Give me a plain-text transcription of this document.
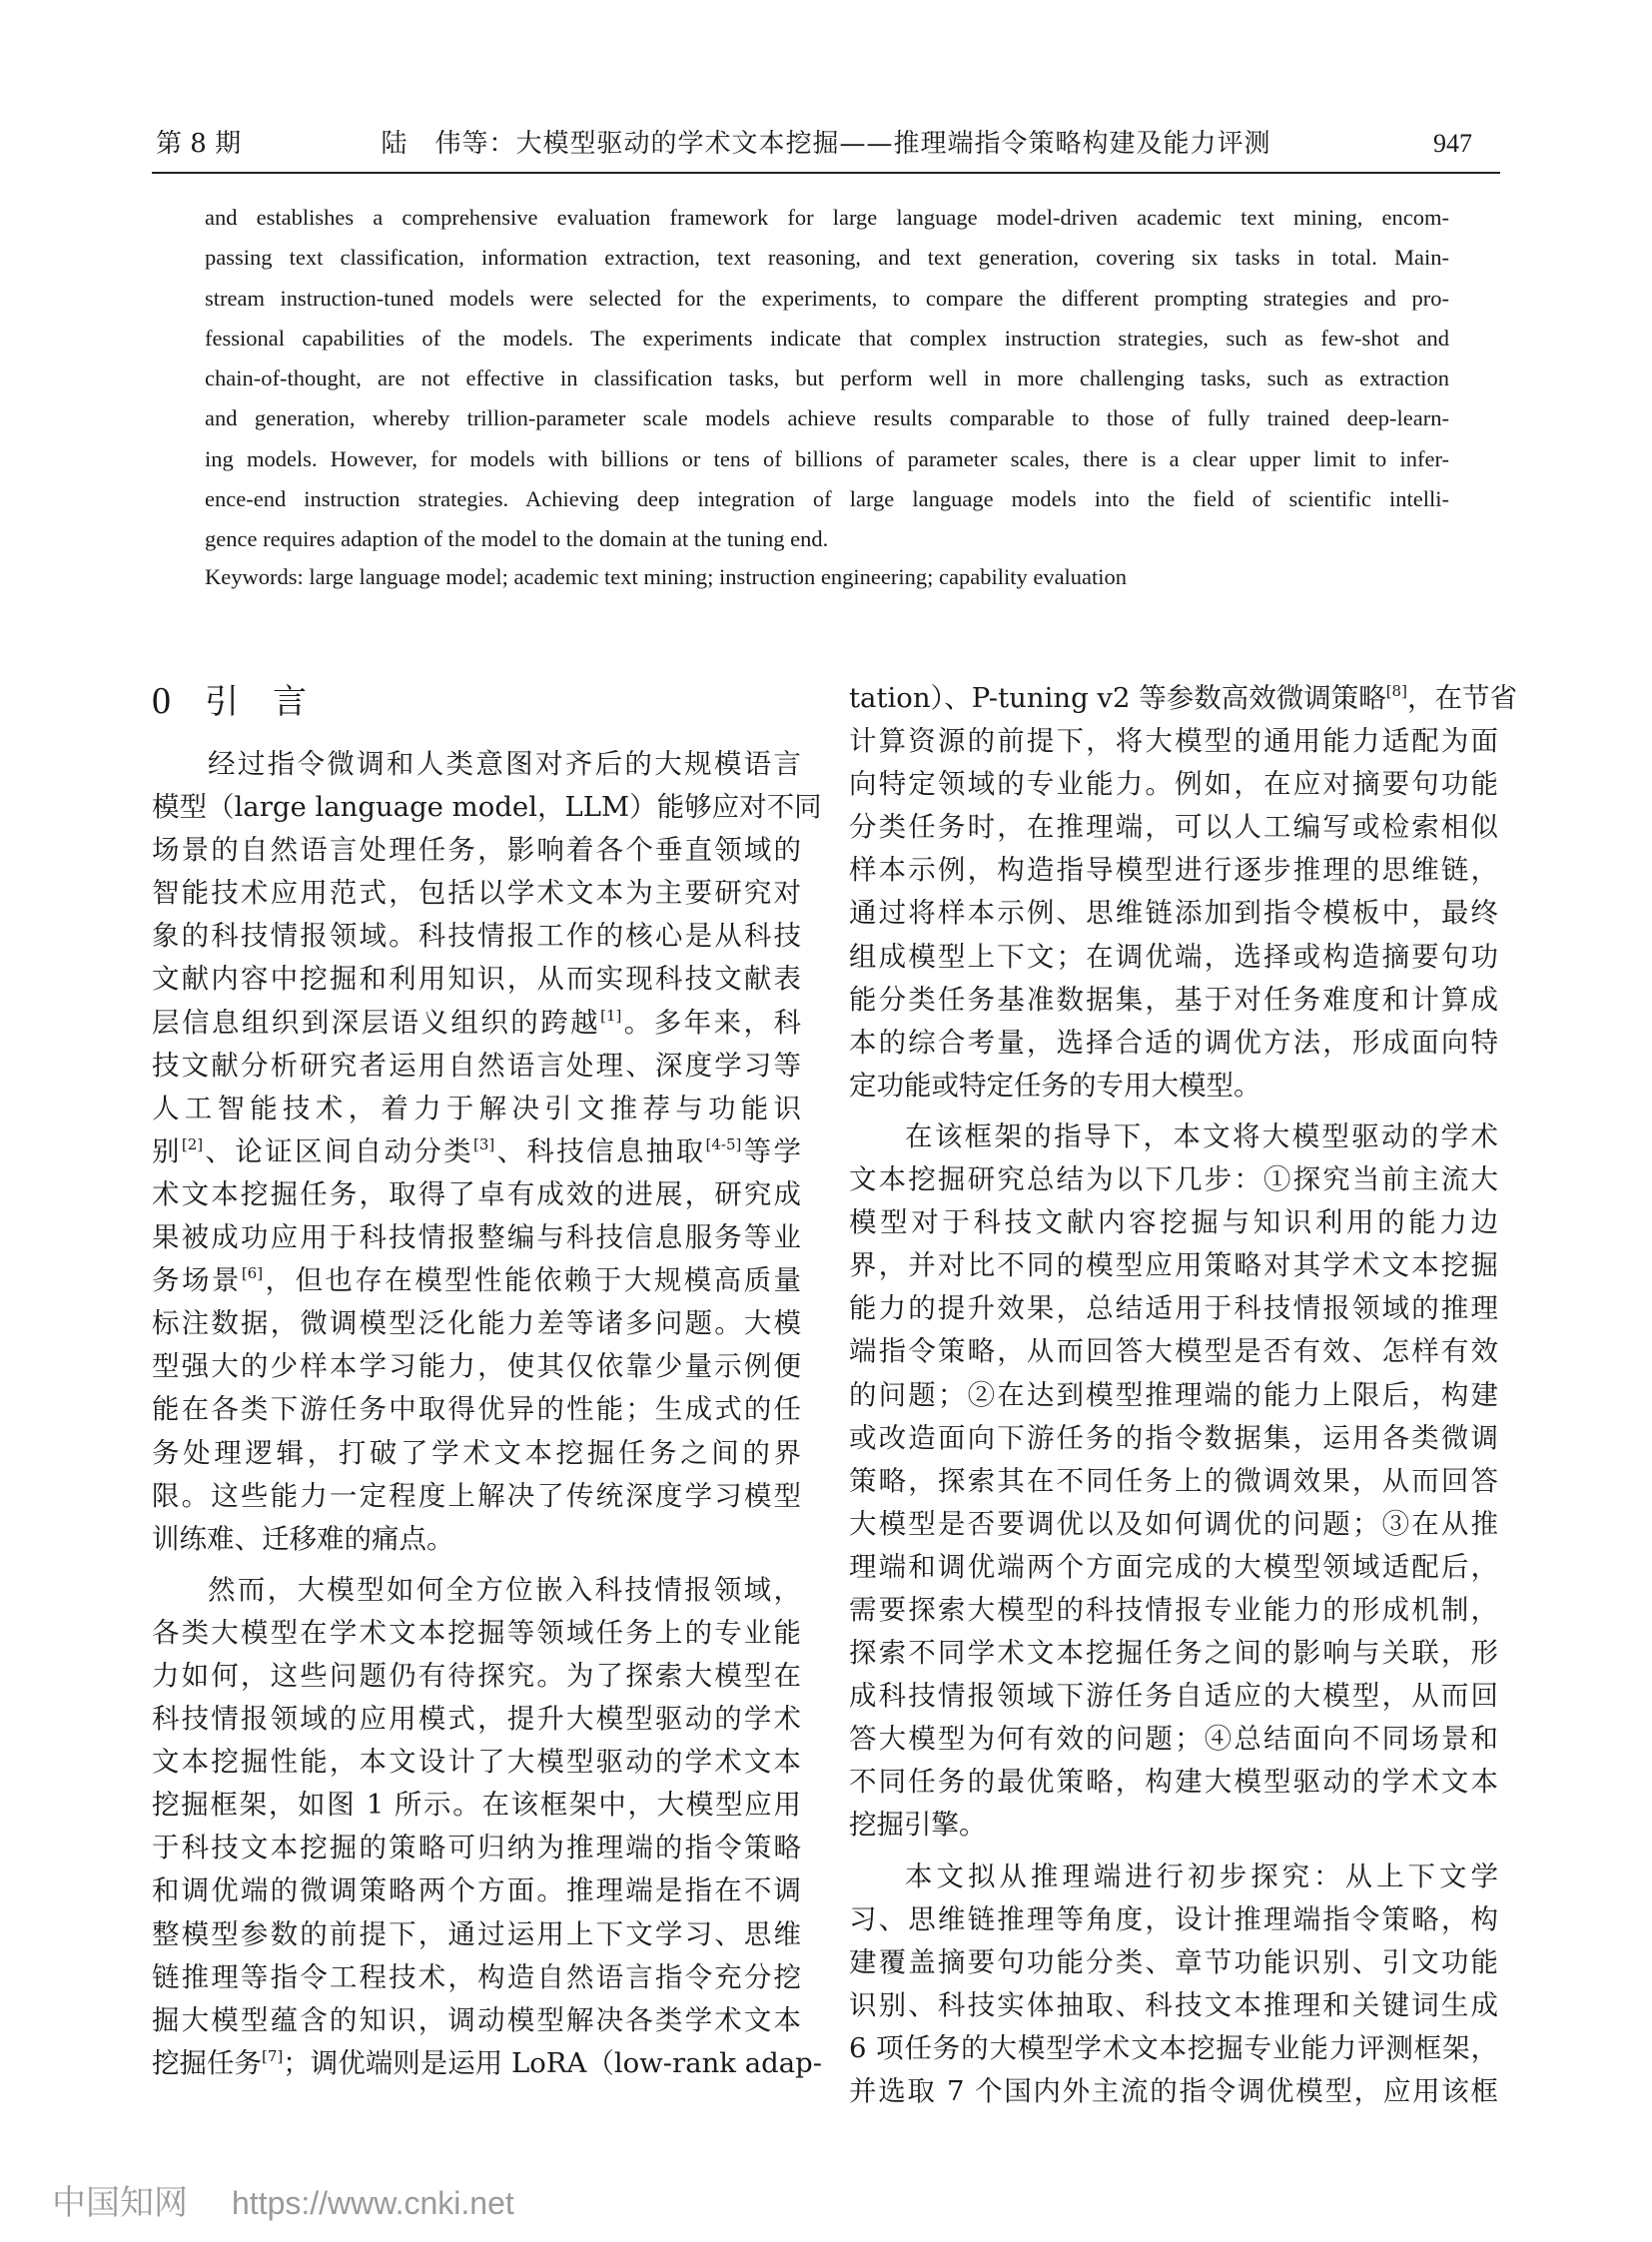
第 8 期	陆　伟等：大模型驱动的学术文本挖掘——推理端指令策略构建及能力评测	947
and establishes a comprehensive evaluation framework for large language model-driven academic text mining, encom-
passing text classification, information extraction, text reasoning, and text generation, covering six tasks in total. Main-
stream instruction-tuned models were selected for the experiments, to compare the different prompting strategies and pro-
fessional capabilities of the models. The experiments indicate that complex instruction strategies, such as few-shot and
chain-of-thought, are not effective in classification tasks, but perform well in more challenging tasks, such as extraction
and generation, whereby trillion-parameter scale models achieve results comparable to those of fully trained deep-learn-
ing models. However, for models with billions or tens of billions of parameter scales, there is a clear upper limit to infer-
ence-end instruction strategies. Achieving deep integration of large language models into the field of scientific intelli-
gence requires adaption of the model to the domain at the tuning end.
Keywords: large language model; academic text mining; instruction engineering; capability evaluation
0 引言
经过指令微调和人类意图对齐后的大规模语言
模型（large language model，LLM）能够应对不同
场景的自然语言处理任务，影响着各个垂直领域的
智能技术应用范式，包括以学术文本为主要研究对
象的科技情报领域。科技情报工作的核心是从科技
文献内容中挖掘和利用知识，从而实现科技文献表
层信息组织到深层语义组织的跨越[1]。多年来，科
技文献分析研究者运用自然语言处理、深度学习等
人工智能技术，着力于解决引文推荐与功能识
别[2]、论证区间自动分类[3]、科技信息抽取[4-5]等学
术文本挖掘任务，取得了卓有成效的进展，研究成
果被成功应用于科技情报整编与科技信息服务等业
务场景[6]，但也存在模型性能依赖于大规模高质量
标注数据，微调模型泛化能力差等诸多问题。大模
型强大的少样本学习能力，使其仅依靠少量示例便
能在各类下游任务中取得优异的性能；生成式的任
务处理逻辑，打破了学术文本挖掘任务之间的界
限。这些能力一定程度上解决了传统深度学习模型
训练难、迁移难的痛点。
然而，大模型如何全方位嵌入科技情报领域，
各类大模型在学术文本挖掘等领域任务上的专业能
力如何，这些问题仍有待探究。为了探索大模型在
科技情报领域的应用模式，提升大模型驱动的学术
文本挖掘性能，本文设计了大模型驱动的学术文本
挖掘框架，如图 1 所示。在该框架中，大模型应用
于科技文本挖掘的策略可归纳为推理端的指令策略
和调优端的微调策略两个方面。推理端是指在不调
整模型参数的前提下，通过运用上下文学习、思维
链推理等指令工程技术，构造自然语言指令充分挖
掘大模型蕴含的知识，调动模型解决各类学术文本
挖掘任务[7]；调优端则是运用 LoRA（low-rank adap-
tation）、P-tuning v2 等参数高效微调策略[8]，在节省
计算资源的前提下，将大模型的通用能力适配为面
向特定领域的专业能力。例如，在应对摘要句功能
分类任务时，在推理端，可以人工编写或检索相似
样本示例，构造指导模型进行逐步推理的思维链，
通过将样本示例、思维链添加到指令模板中，最终
组成模型上下文；在调优端，选择或构造摘要句功
能分类任务基准数据集，基于对任务难度和计算成
本的综合考量，选择合适的调优方法，形成面向特
定功能或特定任务的专用大模型。
在该框架的指导下，本文将大模型驱动的学术
文本挖掘研究总结为以下几步：①探究当前主流大
模型对于科技文献内容挖掘与知识利用的能力边
界，并对比不同的模型应用策略对其学术文本挖掘
能力的提升效果，总结适用于科技情报领域的推理
端指令策略，从而回答大模型是否有效、怎样有效
的问题；②在达到模型推理端的能力上限后，构建
或改造面向下游任务的指令数据集，运用各类微调
策略，探索其在不同任务上的微调效果，从而回答
大模型是否要调优以及如何调优的问题；③在从推
理端和调优端两个方面完成的大模型领域适配后，
需要探索大模型的科技情报专业能力的形成机制，
探索不同学术文本挖掘任务之间的影响与关联，形
成科技情报领域下游任务自适应的大模型，从而回
答大模型为何有效的问题；④总结面向不同场景和
不同任务的最优策略，构建大模型驱动的学术文本
挖掘引擎。
本文拟从推理端进行初步探究：从上下文学
习、思维链推理等角度，设计推理端指令策略，构
建覆盖摘要句功能分类、章节功能识别、引文功能
识别、科技实体抽取、科技文本推理和关键词生成
6 项任务的大模型学术文本挖掘专业能力评测框架，
并选取 7 个国内外主流的指令调优模型，应用该框
中国知网 https://www.cnki.net
